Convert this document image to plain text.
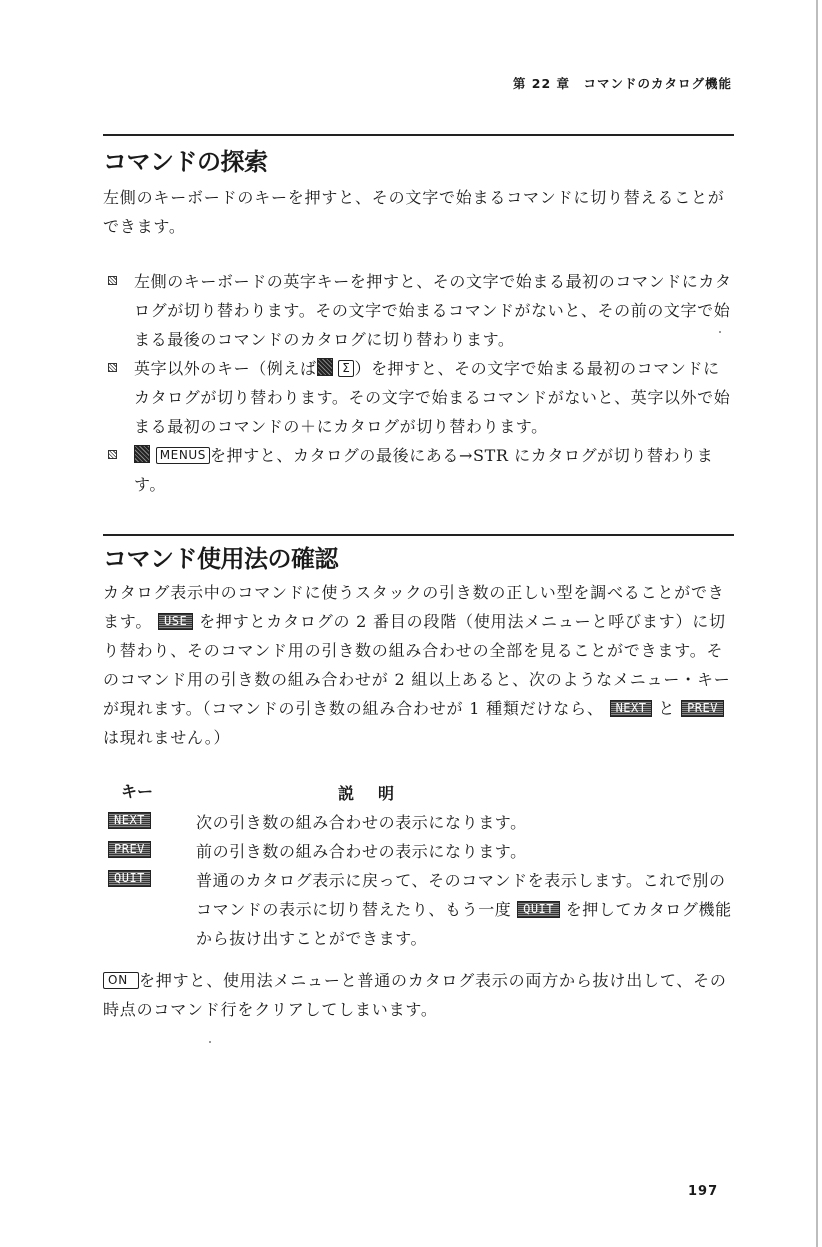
第 22 章　コマンドのカタログ機能
コマンドの探索

左側のキーボードのキーを押すと、その文字で始まるコマンドに切り替えることができます。

左側のキーボードの英字キーを押すと、その文字で始まる最初のコマンドにカタログが切り替わります。その文字で始まるコマンドがないと、その前の文字で始まる最後のコマンドのカタログに切り替わります。
英字以外のキー（例えば Σ ）を押すと、その文字で始まる最初のコマンドにカタログが切り替わります。その文字で始まるコマンドがないと、英字以外で始まる最初のコマンドの＋にカタログが切り替わります。
MENUS を押すと、カタログの最後にある→STR にカタログが切り替わります。
コマンド使用法の確認

カタログ表示中のコマンドに使うスタックの引き数の正しい型を調べることができます。 USE を押すとカタログの 2 番目の段階（使用法メニューと呼びます）に切り替わり、そのコマンド用の引き数の組み合わせの全部を見ることができます。そのコマンド用の引き数の組み合わせが 2 組以上あると、次のようなメニュー・キーが現れます。（コマンドの引き数の組み合わせが 1 種類だけなら、 NEXT と PREV は現れません。）

キー	説　明
NEXT	次の引き数の組み合わせの表示になります。
PREV	前の引き数の組み合わせの表示になります。
QUIT	普通のカタログ表示に戻って、そのコマンドを表示します。これで別のコマンドの表示に切り替えたり、もう一度 QUIT を押してカタログ機能から抜け出すことができます。

ON を押すと、使用法メニューと普通のカタログ表示の両方から抜け出して、その時点のコマンド行をクリアしてしまいます。

197
